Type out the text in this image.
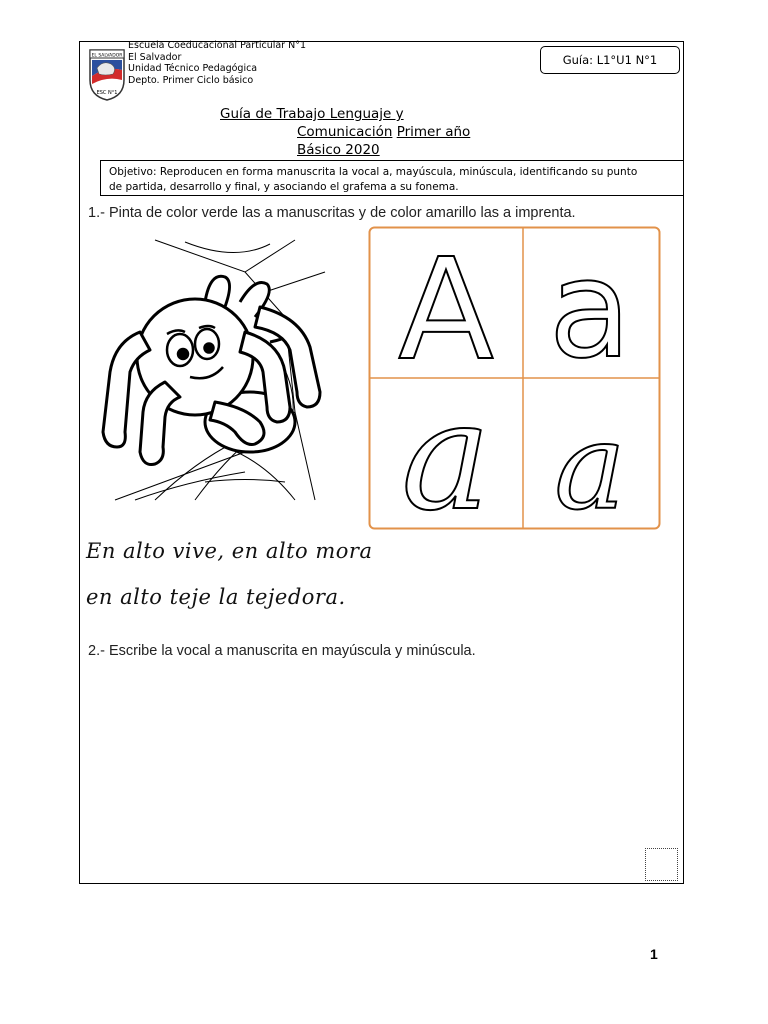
EL SALVADOR
ESC N°1
Escuela Coeducacional Particular N°1
El Salvador
Unidad Técnico Pedagógica
Depto. Primer Ciclo básico
Guía: L1°U1 N°1
Guía de Trabajo Lenguaje y
Comunicación Primer año
Básico 2020
Objetivo: Reproducen en forma manuscrita la vocal a, mayúscula, minúscula, identificando su punto
de partida, desarrollo y final, y asociando el grafema a su fonema.
1.- Pinta de color verde las a manuscritas y de color amarillo las a imprenta.
A a
a a
En alto vive, en alto mora
en alto teje la tejedora.
2.- Escribe la vocal a manuscrita en mayúscula y minúscula.
1
